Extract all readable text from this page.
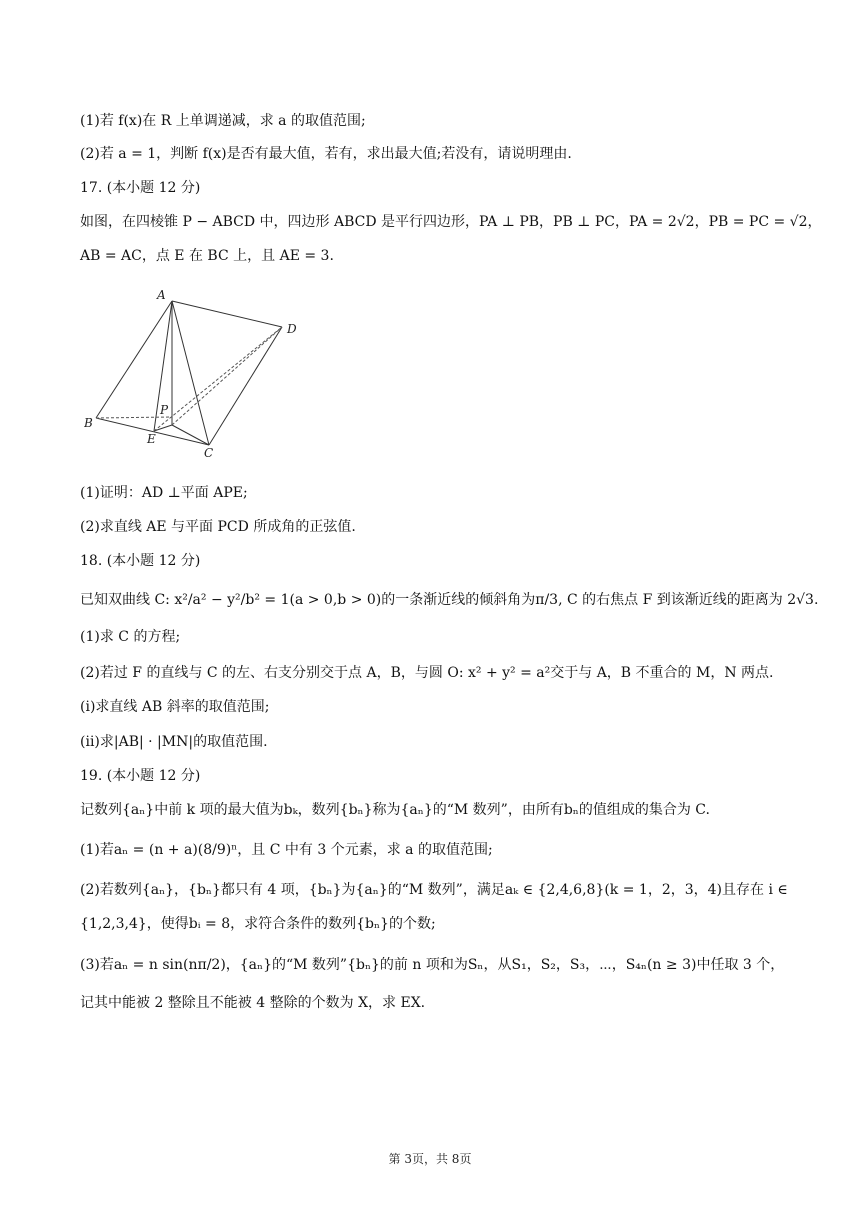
(1)若 f(x)在 R 上单调递减，求 a 的取值范围;
(2)若 a = 1，判断 f(x)是否有最大值，若有，求出最大值;若没有，请说明理由.
17. (本小题 12 分)
如图，在四棱锥 P − ABCD 中，四边形 ABCD 是平行四边形，PA ⊥ PB，PB ⊥ PC，PA = 2√2，PB = PC = √2，
AB = AC，点 E 在 BC 上，且 AE = 3.
A
D
B
P
E
C
(1)证明：AD ⊥平面 APE;
(2)求直线 AE 与平面 PCD 所成角的正弦值.
18. (本小题 12 分)
已知双曲线 C: x²/a² − y²/b² = 1(a > 0,b > 0)的一条渐近线的倾斜角为π/3, C 的右焦点 F 到该渐近线的距离为 2√3.
(1)求 C 的方程;
(2)若过 F 的直线与 C 的左、右支分别交于点 A，B，与圆 O: x² + y² = a²交于与 A，B 不重合的 M，N 两点.
(ⅰ)求直线 AB 斜率的取值范围;
(ⅱ)求|AB| · |MN|的取值范围.
19. (本小题 12 分)
记数列{aₙ}中前 k 项的最大值为bₖ，数列{bₙ}称为{aₙ}的“M 数列”，由所有bₙ的值组成的集合为 C.
(1)若aₙ = (n + a)(8/9)ⁿ，且 C 中有 3 个元素，求 a 的取值范围;
(2)若数列{aₙ}，{bₙ}都只有 4 项，{bₙ}为{aₙ}的“M 数列”，满足aₖ ∈ {2,4,6,8}(k = 1，2，3，4)且存在 i ∈
{1,2,3,4}，使得bᵢ = 8，求符合条件的数列{bₙ}的个数;
(3)若aₙ = n sin(nπ/2)，{aₙ}的“M 数列”{bₙ}的前 n 项和为Sₙ，从S₁，S₂，S₃，⋯，S₄ₙ(n ≥ 3)中任取 3 个，
记其中能被 2 整除且不能被 4 整除的个数为 X，求 EX.
第 3页，共 8页
